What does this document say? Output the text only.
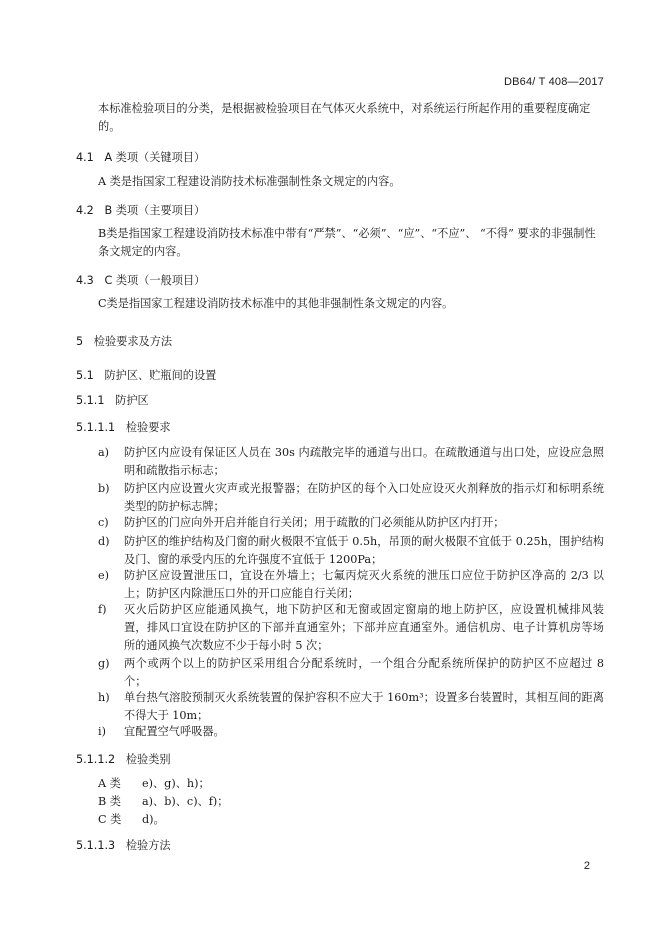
DB64/ T 408—2017
本标准检验项目的分类，是根据被检验项目在气体灭火系统中，对系统运行所起作用的重要程度确定的。
4.1 A 类项（关键项目）
A 类是指国家工程建设消防技术标准强制性条文规定的内容。
4.2 B 类项（主要项目）
B类是指国家工程建设消防技术标准中带有“严禁”、“必须”、“应”、“不应”、 “不得” 要求的非强制性条文规定的内容。
4.3 C 类项（一般项目）
C类是指国家工程建设消防技术标准中的其他非强制性条文规定的内容。
5 检验要求及方法
5.1 防护区、贮瓶间的设置
5.1.1 防护区
5.1.1.1 检验要求
a) 防护区内应设有保证区人员在 30s 内疏散完毕的通道与出口。在疏散通道与出口处，应设应急照明和疏散指示标志；
b) 防护区内应设置火灾声或光报警器；在防护区的每个入口处应设灭火剂释放的指示灯和标明系统类型的防护标志牌；
c) 防护区的门应向外开启并能自行关闭；用于疏散的门必须能从防护区内打开；
d) 防护区的维护结构及门窗的耐火极限不宜低于 0.5h，吊顶的耐火极限不宜低于 0.25h，围护结构及门、窗的承受内压的允许强度不宜低于 1200Pa；
e) 防护区应设置泄压口，宜设在外墙上；七氟丙烷灭火系统的泄压口应位于防护区净高的 2/3 以上；防护区内除泄压口外的开口应能自行关闭；
f) 灭火后防护区应能通风换气，地下防护区和无窗或固定窗扇的地上防护区，应设置机械排风装置，排风口宜设在防护区的下部并直通室外；下部并应直通室外。通信机房、电子计算机房等场所的通风换气次数应不少于每小时 5 次；
g) 两个或两个以上的防护区采用组合分配系统时，一个组合分配系统所保护的防护区不应超过 8 个；
h) 单台热气溶胶预制灭火系统装置的保护容积不应大于 160m³；设置多台装置时，其相互间的距离不得大于 10m；
i) 宜配置空气呼吸器。
5.1.1.2 检验类别
A 类 e)、g)、h)；
B 类 a)、b)、c)、f)；
C 类 d)。
5.1.1.3 检验方法
2
